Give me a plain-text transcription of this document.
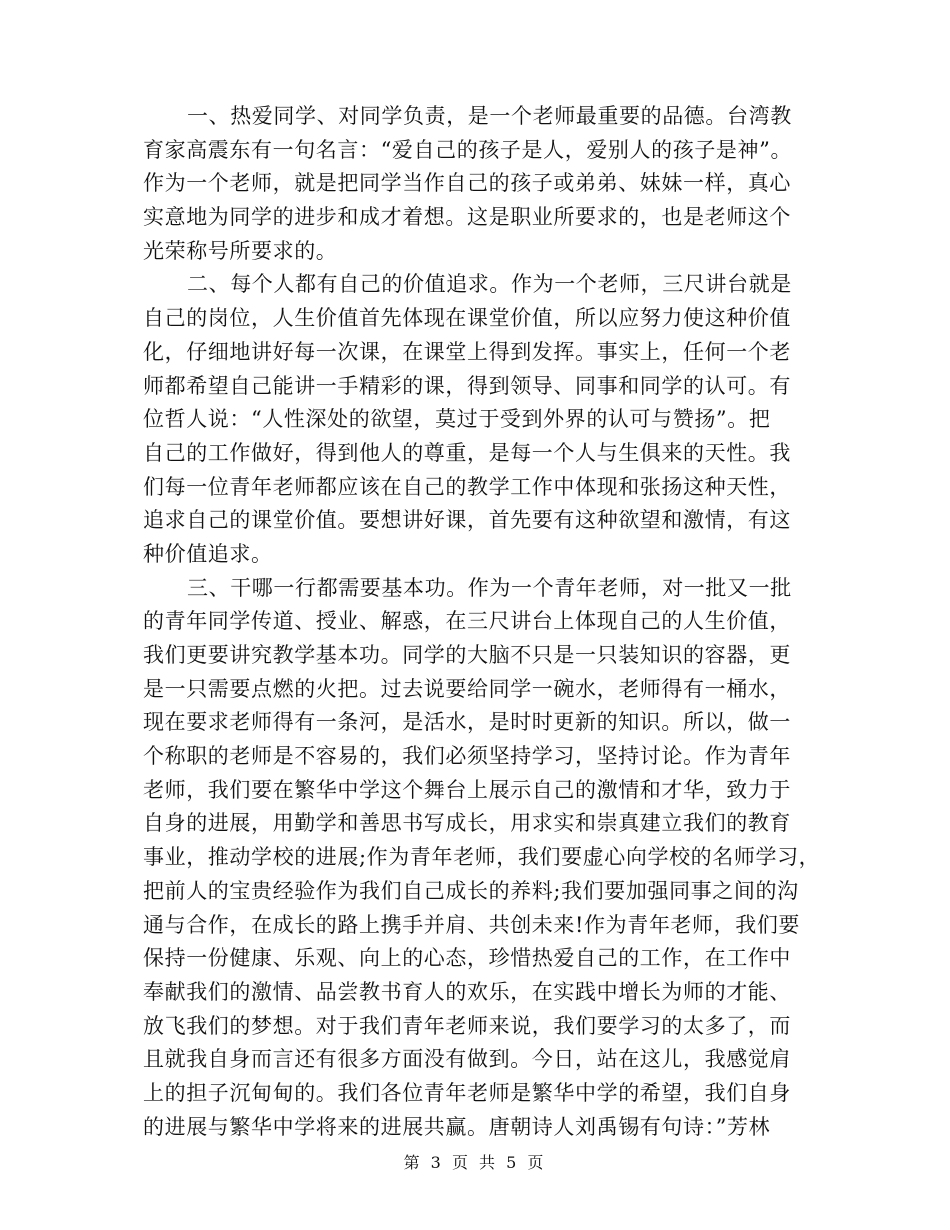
一、热爱同学、对同学负责，是一个老师最重要的品德。台湾教
育家高震东有一句名言：“爱自己的孩子是人，爱别人的孩子是神”。
作为一个老师，就是把同学当作自己的孩子或弟弟、妹妹一样，真心
实意地为同学的进步和成才着想。这是职业所要求的，也是老师这个
光荣称号所要求的。
二、每个人都有自己的价值追求。作为一个老师，三尺讲台就是
自己的岗位，人生价值首先体现在课堂价值，所以应努力使这种价值
化，仔细地讲好每一次课，在课堂上得到发挥。事实上，任何一个老
师都希望自己能讲一手精彩的课，得到领导、同事和同学的认可。有
位哲人说：“人性深处的欲望，莫过于受到外界的认可与赞扬”。把
自己的工作做好，得到他人的尊重，是每一个人与生俱来的天性。我
们每一位青年老师都应该在自己的教学工作中体现和张扬这种天性，
追求自己的课堂价值。要想讲好课，首先要有这种欲望和激情，有这
种价值追求。
三、干哪一行都需要基本功。作为一个青年老师，对一批又一批
的青年同学传道、授业、解惑，在三尺讲台上体现自己的人生价值，
我们更要讲究教学基本功。同学的大脑不只是一只装知识的容器，更
是一只需要点燃的火把。过去说要给同学一碗水，老师得有一桶水，
现在要求老师得有一条河，是活水，是时时更新的知识。所以，做一
个称职的老师是不容易的，我们必须坚持学习，坚持讨论。作为青年
老师，我们要在繁华中学这个舞台上展示自己的激情和才华，致力于
自身的进展，用勤学和善思书写成长，用求实和崇真建立我们的教育
事业，推动学校的进展;作为青年老师，我们要虚心向学校的名师学习，
把前人的宝贵经验作为我们自己成长的养料;我们要加强同事之间的沟
通与合作，在成长的路上携手并肩、共创未来!作为青年老师，我们要
保持一份健康、乐观、向上的心态，珍惜热爱自己的工作，在工作中
奉献我们的激情、品尝教书育人的欢乐，在实践中增长为师的才能、
放飞我们的梦想。对于我们青年老师来说，我们要学习的太多了，而
且就我自身而言还有很多方面没有做到。今日，站在这儿，我感觉肩
上的担子沉甸甸的。我们各位青年老师是繁华中学的希望，我们自身
的进展与繁华中学将来的进展共赢。唐朝诗人刘禹锡有句诗：”芳林
第 3 页 共 5 页
